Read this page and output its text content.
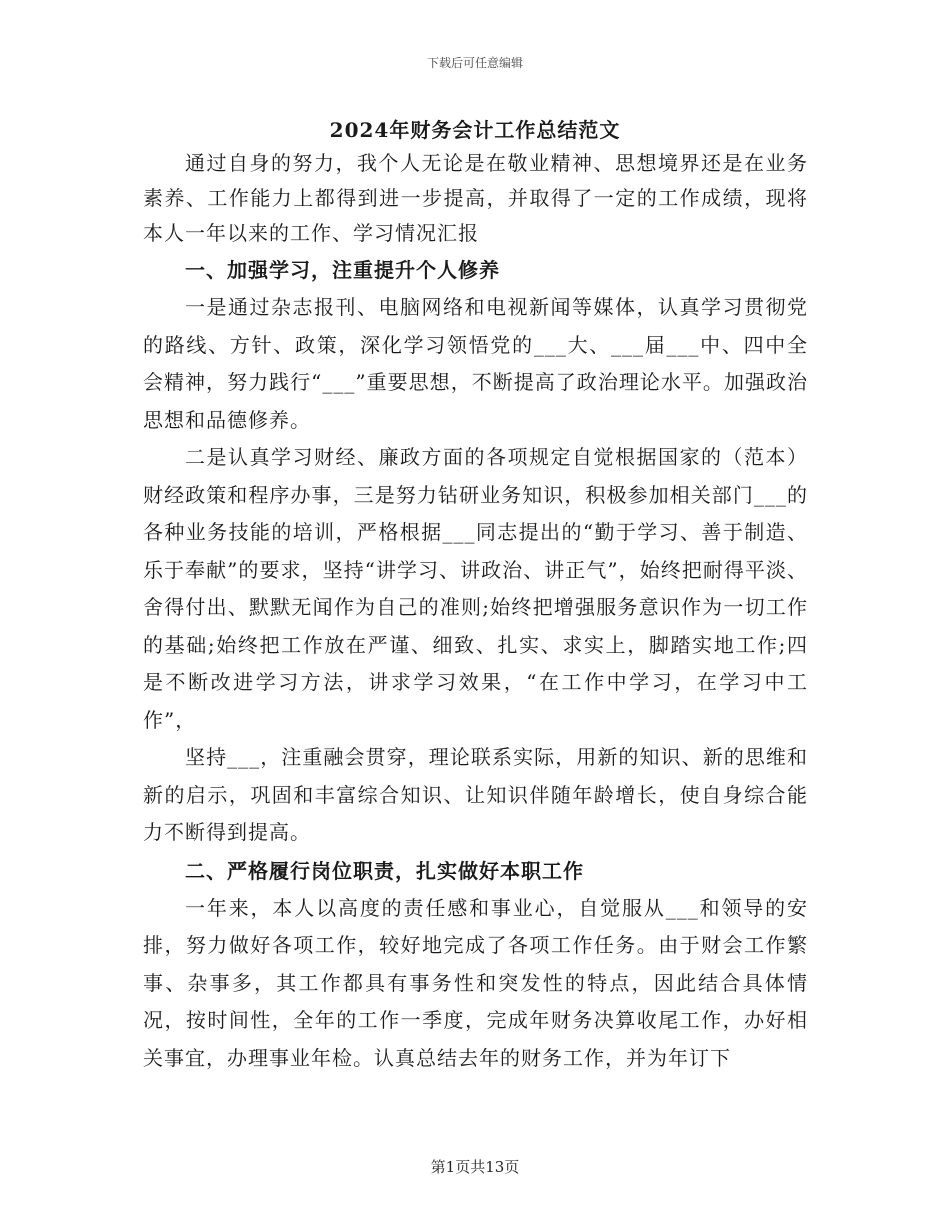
下载后可任意编辑
2024年财务会计工作总结范文

通过自身的努力，我个人无论是在敬业精神、思想境界还是在业务素养、工作能力上都得到进一步提高，并取得了一定的工作成绩，现将本人一年以来的工作、学习情况汇报

一、加强学习，注重提升个人修养

一是通过杂志报刊、电脑网络和电视新闻等媒体，认真学习贯彻党的路线、方针、政策，深化学习领悟党的___大、___届___中、四中全会精神，努力践行“___”重要思想，不断提高了政治理论水平。加强政治思想和品德修养。

二是认真学习财经、廉政方面的各项规定自觉根据国家的（范本）财经政策和程序办事，三是努力钻研业务知识，积极参加相关部门___的各种业务技能的培训，严格根据___同志提出的“勤于学习、善于制造、乐于奉献”的要求，坚持“讲学习、讲政治、讲正气”，始终把耐得平淡、舍得付出、默默无闻作为自己的准则;始终把增强服务意识作为一切工作的基础;始终把工作放在严谨、细致、扎实、求实上，脚踏实地工作;四是不断改进学习方法，讲求学习效果，“在工作中学习，在学习中工作”，

坚持___，注重融会贯穿，理论联系实际，用新的知识、新的思维和新的启示，巩固和丰富综合知识、让知识伴随年龄增长，使自身综合能力不断得到提高。

二、严格履行岗位职责，扎实做好本职工作

一年来，本人以高度的责任感和事业心，自觉服从___和领导的安排，努力做好各项工作，较好地完成了各项工作任务。由于财会工作繁事、杂事多，其工作都具有事务性和突发性的特点，因此结合具体情况，按时间性，全年的工作一季度，完成年财务决算收尾工作，办好相关事宜，办理事业年检。认真总结去年的财务工作，并为年订下

第1页共13页
